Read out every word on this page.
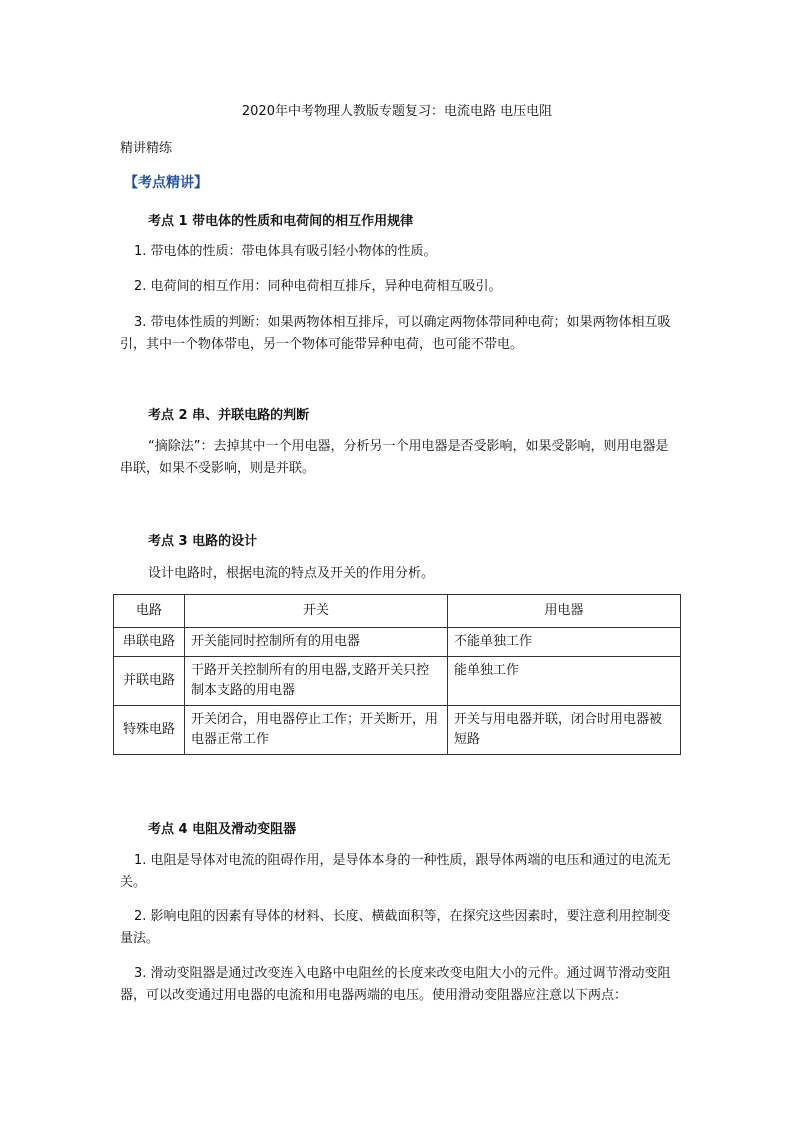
2020年中考物理人教版专题复习：电流电路 电压电阻
精讲精练
【考点精讲】
考点 1 带电体的性质和电荷间的相互作用规律
1. 带电体的性质：带电体具有吸引轻小物体的性质。
2. 电荷间的相互作用：同种电荷相互排斥，异种电荷相互吸引。
3. 带电体性质的判断：如果两物体相互排斥，可以确定两物体带同种电荷；如果两物体相互吸引，其中一个物体带电，另一个物体可能带异种电荷，也可能不带电。
考点 2 串、并联电路的判断
“摘除法”：去掉其中一个用电器，分析另一个用电器是否受影响，如果受影响，则用电器是串联，如果不受影响，则是并联。
考点 3 电路的设计
设计电路时，根据电流的特点及开关的作用分析。
电路	开关	用电器
串联电路	开关能同时控制所有的用电器	不能单独工作
并联电路	干路开关控制所有的用电器,支路开关只控制本支路的用电器	能单独工作
特殊电路	开关闭合，用电器停止工作；开关断开，用电器正常工作	开关与用电器并联，闭合时用电器被短路
考点 4 电阻及滑动变阻器
1. 电阻是导体对电流的阻碍作用，是导体本身的一种性质，跟导体两端的电压和通过的电流无关。
2. 影响电阻的因素有导体的材料、长度、横截面积等，在探究这些因素时，要注意利用控制变量法。
3. 滑动变阻器是通过改变连入电路中电阻丝的长度来改变电阻大小的元件。通过调节滑动变阻器，可以改变通过用电器的电流和用电器两端的电压。使用滑动变阻器应注意以下两点：
